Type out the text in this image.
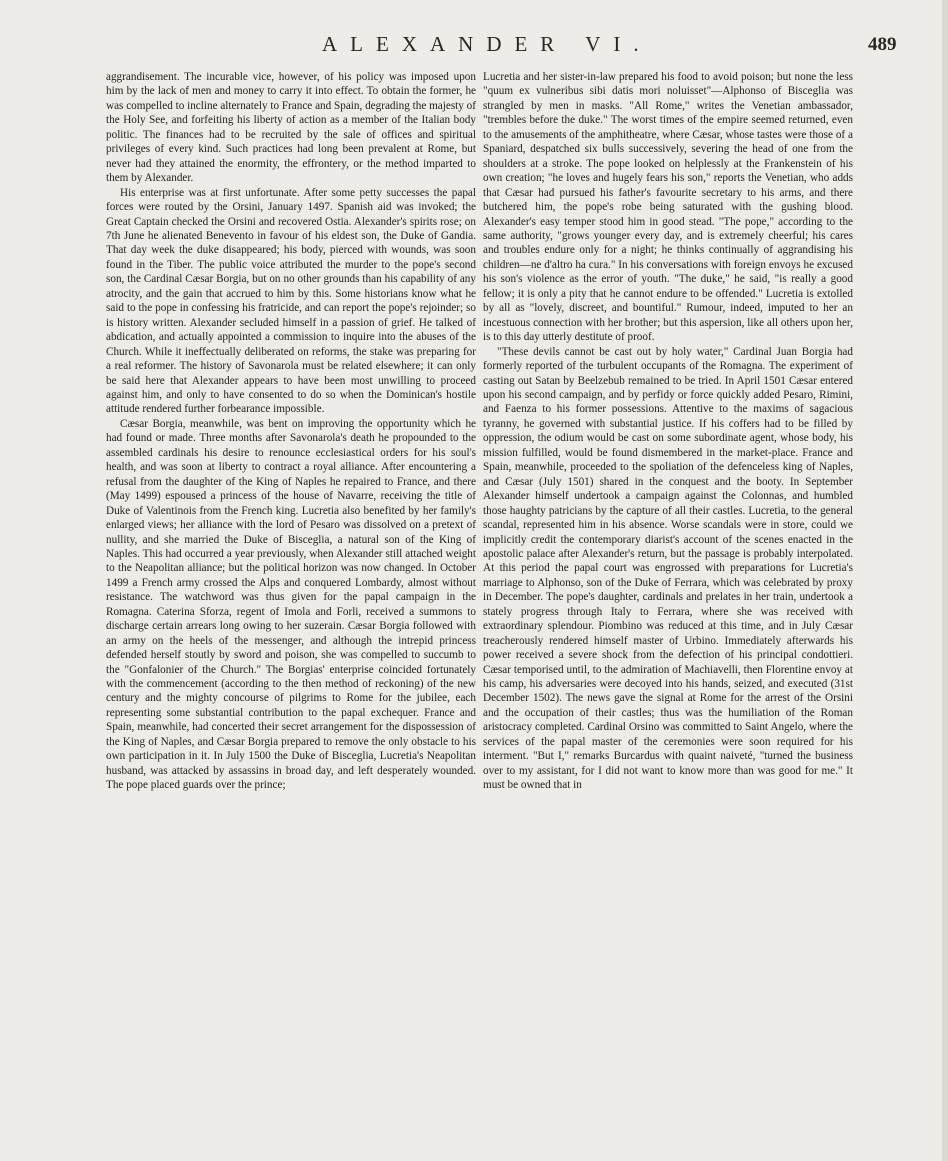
ALEXANDER VI.	489

aggrandisement. The incurable vice, however, of his policy was imposed upon him by the lack of men and money to carry it into effect. To obtain the former, he was compelled to incline alternately to France and Spain, degrading the majesty of the Holy See, and forfeiting his liberty of action as a member of the Italian body politic. The finances had to be recruited by the sale of offices and spiritual privileges of every kind. Such practices had long been prevalent at Rome, but never had they attained the enormity, the effrontery, or the method imparted to them by Alexander.

His enterprise was at first unfortunate. After some petty successes the papal forces were routed by the Orsini, January 1497. Spanish aid was invoked; the Great Captain checked the Orsini and recovered Ostia. Alexander's spirits rose; on 7th June he alienated Benevento in favour of his eldest son, the Duke of Gandia. That day week the duke disappeared; his body, pierced with wounds, was soon found in the Tiber. The public voice attributed the murder to the pope's second son, the Cardinal Cæsar Borgia, but on no other grounds than his capability of any atrocity, and the gain that accrued to him by this. Some historians know what he said to the pope in confessing his fratricide, and can report the pope's rejoinder; so is history written. Alexander secluded himself in a passion of grief. He talked of abdication, and actually appointed a commission to inquire into the abuses of the Church. While it ineffectually deliberated on reforms, the stake was preparing for a real reformer. The history of Savonarola must be related elsewhere; it can only be said here that Alexander appears to have been most unwilling to proceed against him, and only to have consented to do so when the Dominican's hostile attitude rendered further forbearance impossible.

Cæsar Borgia, meanwhile, was bent on improving the opportunity which he had found or made. Three months after Savonarola's death he propounded to the assembled cardinals his desire to renounce ecclesiastical orders for his soul's health, and was soon at liberty to contract a royal alliance. After encountering a refusal from the daughter of the King of Naples he repaired to France, and there (May 1499) espoused a princess of the house of Navarre, receiving the title of Duke of Valentinois from the French king. Lucretia also benefited by her family's enlarged views; her alliance with the lord of Pesaro was dissolved on a pretext of nullity, and she married the Duke of Bisceglia, a natural son of the King of Naples. This had occurred a year previously, when Alexander still attached weight to the Neapolitan alliance; but the political horizon was now changed. In October 1499 a French army crossed the Alps and conquered Lombardy, almost without resistance. The watchword was thus given for the papal campaign in the Romagna. Caterina Sforza, regent of Imola and Forli, received a summons to discharge certain arrears long owing to her suzerain. Cæsar Borgia followed with an army on the heels of the messenger, and although the intrepid princess defended herself stoutly by sword and poison, she was compelled to succumb to the "Gonfalonier of the Church." The Borgias' enterprise coincided fortunately with the commencement (according to the then method of reckoning) of the new century and the mighty concourse of pilgrims to Rome for the jubilee, each representing some substantial contribution to the papal exchequer. France and Spain, meanwhile, had concerted their secret arrangement for the dispossession of the King of Naples, and Cæsar Borgia prepared to remove the only obstacle to his own participation in it. In July 1500 the Duke of Bisceglia, Lucretia's Neapolitan husband, was attacked by assassins in broad day, and left desperately wounded. The pope placed guards over the prince;

Lucretia and her sister-in-law prepared his food to avoid poison; but none the less "quum ex vulneribus sibi datis mori noluisset"—Alphonso of Bisceglia was strangled by men in masks. "All Rome," writes the Venetian ambassador, "trembles before the duke." The worst times of the empire seemed returned, even to the amusements of the amphitheatre, where Cæsar, whose tastes were those of a Spaniard, despatched six bulls successively, severing the head of one from the shoulders at a stroke. The pope looked on helplessly at the Frankenstein of his own creation; "he loves and hugely fears his son," reports the Venetian, who adds that Cæsar had pursued his father's favourite secretary to his arms, and there butchered him, the pope's robe being saturated with the gushing blood. Alexander's easy temper stood him in good stead. "The pope," according to the same authority, "grows younger every day, and is extremely cheerful; his cares and troubles endure only for a night; he thinks continually of aggrandising his children—ne d'altro ha cura." In his conversations with foreign envoys he excused his son's violence as the error of youth. "The duke," he said, "is really a good fellow; it is only a pity that he cannot endure to be offended." Lucretia is extolled by all as "lovely, discreet, and bountiful." Rumour, indeed, imputed to her an incestuous connection with her brother; but this aspersion, like all others upon her, is to this day utterly destitute of proof.

"These devils cannot be cast out by holy water," Cardinal Juan Borgia had formerly reported of the turbulent occupants of the Romagna. The experiment of casting out Satan by Beelzebub remained to be tried. In April 1501 Cæsar entered upon his second campaign, and by perfidy or force quickly added Pesaro, Rimini, and Faenza to his former possessions. Attentive to the maxims of sagacious tyranny, he governed with substantial justice. If his coffers had to be filled by oppression, the odium would be cast on some subordinate agent, whose body, his mission fulfilled, would be found dismembered in the market-place. France and Spain, meanwhile, proceeded to the spoliation of the defenceless king of Naples, and Cæsar (July 1501) shared in the conquest and the booty. In September Alexander himself undertook a campaign against the Colonnas, and humbled those haughty patricians by the capture of all their castles. Lucretia, to the general scandal, represented him in his absence. Worse scandals were in store, could we implicitly credit the contemporary diarist's account of the scenes enacted in the apostolic palace after Alexander's return, but the passage is probably interpolated. At this period the papal court was engrossed with preparations for Lucretia's marriage to Alphonso, son of the Duke of Ferrara, which was celebrated by proxy in December. The pope's daughter, cardinals and prelates in her train, undertook a stately progress through Italy to Ferrara, where she was received with extraordinary splendour. Piombino was reduced at this time, and in July Cæsar treacherously rendered himself master of Urbino. Immediately afterwards his power received a severe shock from the defection of his principal condottieri. Cæsar temporised until, to the admiration of Machiavelli, then Florentine envoy at his camp, his adversaries were decoyed into his hands, seized, and executed (31st December 1502). The news gave the signal at Rome for the arrest of the Orsini and the occupation of their castles; thus was the humiliation of the Roman aristocracy completed. Cardinal Orsino was committed to Saint Angelo, where the services of the papal master of the ceremonies were soon required for his interment. "But I," remarks Burcardus with quaint naiveté, "turned the business over to my assistant, for I did not want to know more than was good for me." It must be owned that in
